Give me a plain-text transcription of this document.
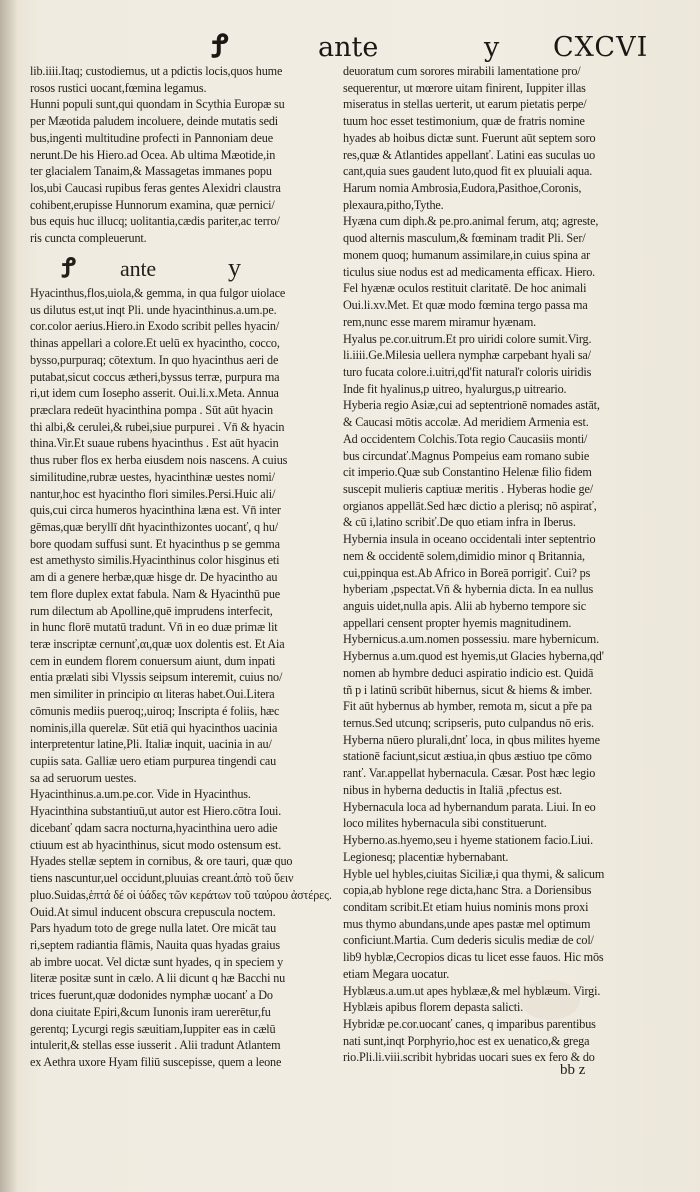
Ꝭ	ante	y CXCVI
lib.iiii.Itaq; custodiemus, ut a pdictis locis,quos hume
rosos rustici uocant,fœmina legamus.
Hunni populi sunt,qui quondam in Scythia Europæ su
per Mæotida paludem incoluere, deinde mutatis sedi
bus,ingenti multitudine profecti in Pannoniam deue
nerunt.De his Hiero.ad Ocea. Ab ultima Mæotide,in
ter glacialem Tanaim,& Massagetas immanes popu
los,ubi Caucasi rupibus feras gentes Alexidri claustra
cohibent,erupisse Hunnorum examina, quæ pernici/
bus equis huc illucq; uolitantia,cædis pariter,ac terro/
ris cuncta compleuerunt.
Ꝭ ante	y
Hyacinthus,flos,uiola,& gemma, in qua fulgor uiolace
us dilutus est,ut inqt Pli. unde hyacinthinus.a.um.pe.
cor.color aerius.Hiero.in Exodo scribit pelles hyacin/
thinas appellari a colore.Et uelū ex hyacintho, cocco,
bysso,purpuraq; cōtextum. In quo hyacinthus aeri de
putabat,sicut coccus ætheri,byssus terræ, purpura ma
ri,ut idem cum Iosepho asserit. Oui.li.x.Meta. Annua
præclara redeūt hyacinthina pompa . Sūt aūt hyacin
thi albi,& cerulei,& rubei,siue purpurei . Vn̄ & hyacin
thina.Vir.Et suaue rubens hyacinthus . Est aūt hyacin
thus ruber flos ex herba eiusdem nois nascens. A cuius
similitudine,rubræ uestes, hyacinthinæ uestes nomi/
nantur,hoc est hyacintho flori similes.Persi.Huic ali/
quis,cui circa humeros hyacinthina læna est. Vn̄ inter
gēmas,quæ beryllī dn̄t hyacinthizontes uocanť, q hu/
bore quodam suffusi sunt. Et hyacinthus p se gemma
est amethysto similis.Hyacinthinus color hisginus eti
am di a genere herbæ,quæ hisge dr. De hyacintho au
tem flore duplex extat fabula. Nam & Hyacinthū pue
rum dilectum ab Apolline,quē imprudens interfecit,
in hunc florē mutatū tradunt. Vn̄ in eo duæ primæ lit
teræ inscriptæ cernunť,αι,quæ uox dolentis est. Et Aia
cem in eundem florem conuersum aiunt, dum inpati
entia prælati sibi Vlyssis seipsum interemit, cuius no/
men similiter in principio αι literas habet.Oui.Litera
cōmunis mediis pueroq;,uiroq; Inscripta é foliis, hæc
nominis,illa querelæ. Sūt etiā qui hyacinthos uacinia
interpretentur latine,Pli. Italiæ inquit, uacinia in au/
cupiis sata. Galliæ uero etiam purpurea tingendi cau
sa ad seruorum uestes.
Hyacinthinus.a.um.pe.cor. Vide in Hyacinthus.
Hyacinthina substantiuū,ut autor est Hiero.cōtra Ioui.
dicebanť qdam sacra nocturna,hyacinthina uero adie
ctiuum est ab hyacinthinus, sicut modo ostensum est.
Hyades stellæ septem in cornibus, & ore tauri, quæ quo
tiens nascuntur,uel occidunt,pluuias creant.ἀπὸ τοῦ ὕειν
pluo.Suidas,ἑπτά δέ οἱ ὑάδες τῶν κεράτων τοῦ ταύρου ἀστέρες.
Ouid.At simul inducent obscura crepuscula noctem.
Pars hyadum toto de grege nulla latet. Ore micāt tau
ri,septem radiantia flāmis, Nauita quas hyadas graius
ab imbre uocat. Vel dictæ sunt hyades, q in speciem y
literæ positæ sunt in cælo. A lii dicunt q hæ Bacchi nu
trices fuerunt,quæ dodonides nymphæ uocanť a Do
dona ciuitate Epiri,&cum Iunonis iram uererētur,fu
gerentq; Lycurgi regis sæuitiam,Iuppiter eas in cælū
intulerit,& stellas esse iusserit . Alii tradunt Atlantem
ex Aethra uxore Hyam filiū suscepisse, quem a leone
deuoratum cum sorores mirabili lamentatione pro/
sequerentur, ut mœrore uitam finirent, Iuppiter illas
miseratus in stellas uerterit, ut earum pietatis perpe/
tuum hoc esset testimonium, quæ de fratris nomine
hyades ab hoibus dictæ sunt. Fuerunt aūt septem soro
res,quæ & Atlantides appellanť. Latini eas suculas uo
cant,quia sues gaudent luto,quod fit ex pluuiali aqua.
Harum nomia Ambrosia,Eudora,Pasithoe,Coronis,
plexaura,pitho,Tythe.
Hyæna cum diph.& pe.pro.animal ferum, atq; agreste,
quod alternis masculum,& fœminam tradit Pli. Ser/
monem quoq; humanum assimilare,in cuius spina ar
ticulus siue nodus est ad medicamenta efficax. Hiero.
Fel hyænæ oculos restituit claritatē. De hoc animali
Oui.li.xv.Met. Et quæ modo fœmina tergo passa ma
rem,nunc esse marem miramur hyænam.
Hyalus pe.cor.uitrum.Et pro uiridi colore sumit.Virg.
li.iiii.Ge.Milesia uellera nymphæ carpebant hyali sa/
turo fucata colore.i.uitri,qd'fit naturaľr coloris uiridis
Inde fit hyalinus,p uitreo, hyalurgus,p uitreario.
Hyberia regio Asiæ,cui ad septentrionē nomades astāt,
& Caucasi mōtis accolæ. Ad meridiem Armenia est.
Ad occidentem Colchis.Tota regio Caucasiis monti/
bus circundať.Magnus Pompeius eam romano subie
cit imperio.Quæ sub Constantino Helenæ filio fidem
suscepit mulieris captiuæ meritis . Hyberas hodie ge/
orgianos appellāt.Sed hæc dictio a plerisq; nō aspirať,
& cū i,latino scribiť.De quo etiam infra in Iberus.
Hybernia insula in oceano occidentali inter septentrio
nem & occidentē solem,dimidio minor q Britannia,
cui,ppinqua est.Ab Africo in Boreā porrigiť. Cui? ps
hyberiam ,pspectat.Vn̄ & hybernia dicta. In ea nullus
anguis uidet,nulla apis. Alii ab hyberno tempore sic
appellari censent propter hyemis magnitudinem.
Hybernicus.a.um.nomen possessiu. mare hybernicum.
Hybernus a.um.quod est hyemis,ut Glacies hyberna,qd'
nomen ab hymbre deduci aspiratio indicio est. Quidā
tñ p i latinū scribūt hibernus, sicut & hiems & imber.
Fit aūt hybernus ab hymber, remota m, sicut a pře pa
ternus.Sed utcunq; scripseris, puto culpandus nō eris.
Hyberna nūero plurali,dnť loca, in qbus milites hyeme
stationē faciunt,sicut æstiua,in qbus æstiuo tpe cōmo
ranť. Var.appellat hybernacula. Cæsar. Post hæc legio
nibus in hyberna deductis in Italiā ,pfectus est.
Hybernacula loca ad hybernandum parata. Liui. In eo
loco milites hybernacula sibi constituerunt.
Hyberno.as.hyemo,seu i hyeme stationem facio.Liui.
Legionesq; placentiæ hybernabant.
Hyble uel hybles,ciuitas Siciliæ,i qua thymi, & salicum
copia,ab hyblone rege dicta,hanc Stra. a Doriensibus
conditam scribit.Et etiam huius nominis mons proxi
mus thymo abundans,unde apes pastæ mel optimum
conficiunt.Martia. Cum dederis siculis mediæ de col/
lib9 hyblæ,Cecropios dicas tu licet esse fauos. Hic mōs
etiam Megara uocatur.
Hyblæus.a.um.ut apes hyblææ,& mel hyblæum. Virgi.
Hyblæis apibus florem depasta salicti.
Hybridæ pe.cor.uocanť canes, q imparibus parentibus
nati sunt,inqt Porphyrio,hoc est ex uenatico,& grega
rio.Pli.li.viii.scribit hybridas uocari sues ex fero & do
bb z
